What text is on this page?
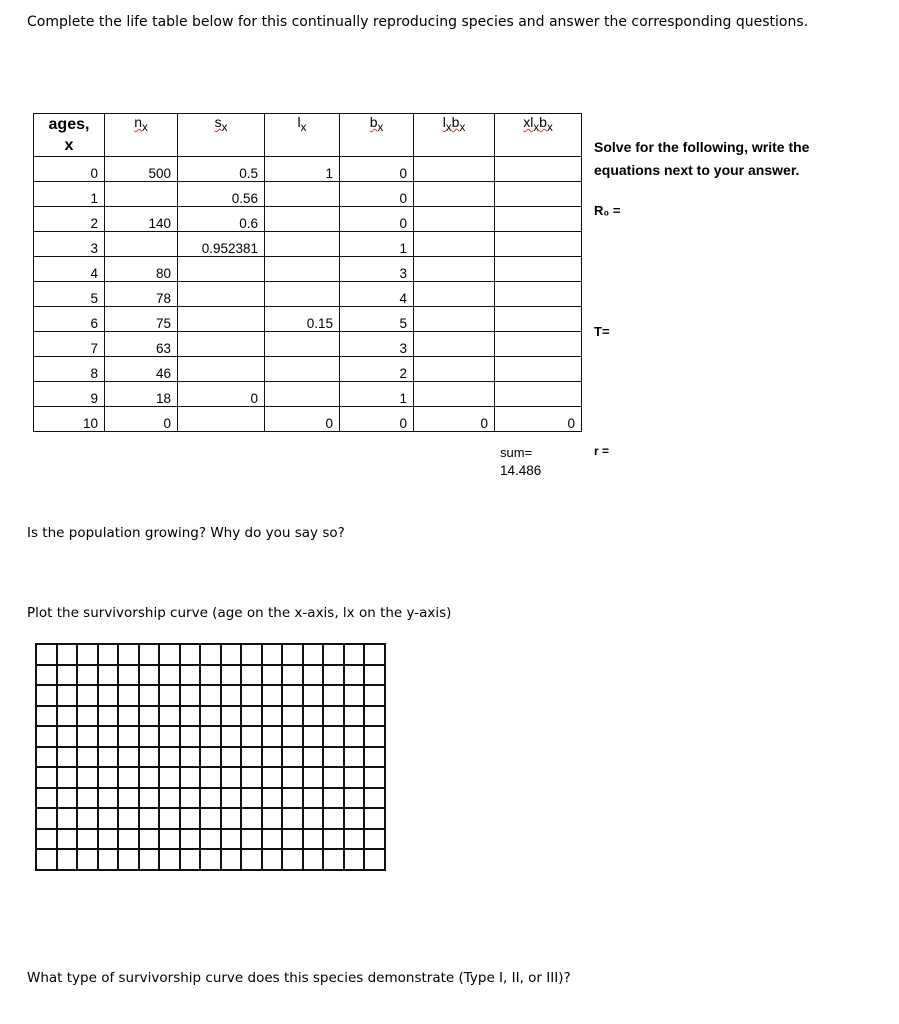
Complete the life table below for this continually reproducing species and answer the corresponding questions.
ages,
x	$n_x$	$s_x$	$l_x$	$b_x$	$l_xb_x$	$xl_xb_x$
0	500	0.5	1	0		
1		0.56		0		
2	140	0.6		0		
3		0.952381		1		
4	80			3		
5	78			4		
6	75		0.15	5		
7	63			3		
8	46			2		
9	18	0		1		
10	0		0	0	0	0
sum=
14.486
Solve for the following, write the equations next to your answer.
R₀ =
T=
r =
Is the population growing? Why do you say so?
Plot the survivorship curve (age on the x-axis, lx on the y-axis)

What type of survivorship curve does this species demonstrate (Type I, II, or III)?
